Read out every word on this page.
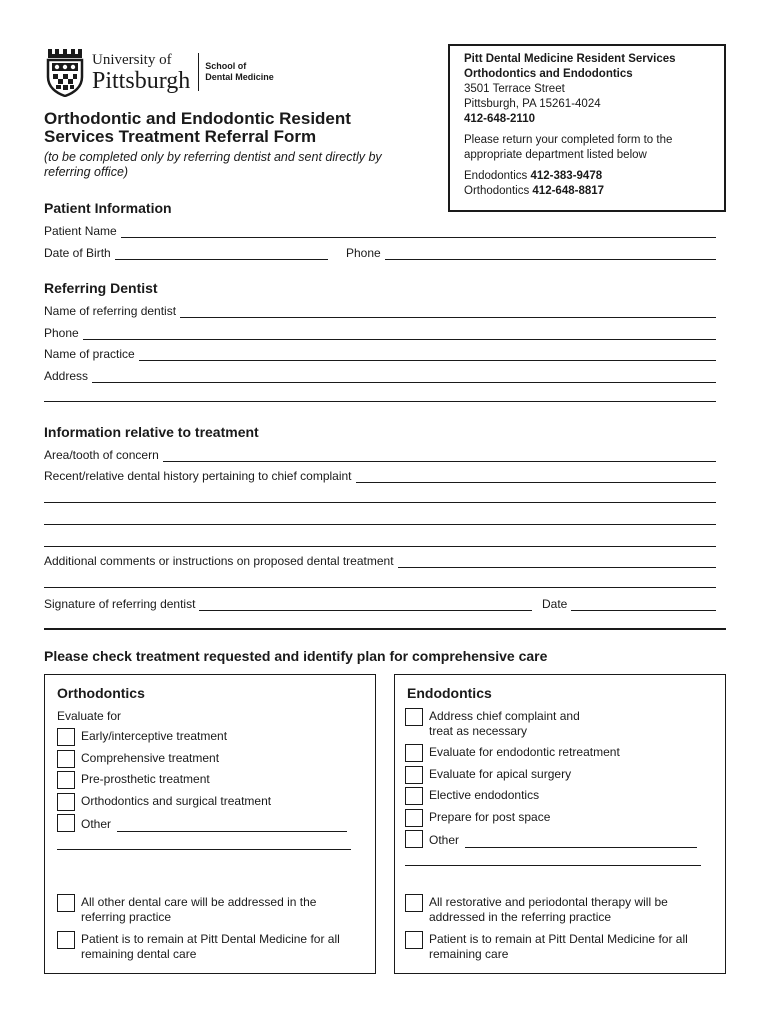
University of
Pittsburgh
School of
Dental Medicine
Orthodontic and Endodontic Resident Services Treatment Referral Form
(to be completed only by referring dentist and sent directly by referring office)
Pitt Dental Medicine Resident Services
Orthodontics and Endodontics
3501 Terrace Street
Pittsburgh, PA 15261-4024
412-648-2110
Please return your completed form to the appropriate department listed below
Endodontics 412-383-9478
Orthodontics 412-648-8817
Patient Information
Patient Name
Date of Birth	Phone
Referring Dentist
Name of referring dentist
Phone
Name of practice
Address
Information relative to treatment
Area/tooth of concern
Recent/relative dental history pertaining to chief complaint
Additional comments or instructions on proposed dental treatment
Signature of referring dentist	Date
Please check treatment requested and identify plan for comprehensive care
Orthodontics
Evaluate for
Early/interceptive treatment
Comprehensive treatment
Pre-prosthetic treatment
Orthodontics and surgical treatment
Other
All other dental care will be addressed in the referring practice
Patient is to remain at Pitt Dental Medicine for all remaining dental care
Endodontics
Address chief complaint and treat as necessary
Evaluate for endodontic retreatment
Evaluate for apical surgery
Elective endodontics
Prepare for post space
Other
All restorative and periodontal therapy will be addressed in the referring practice
Patient is to remain at Pitt Dental Medicine for all remaining care
